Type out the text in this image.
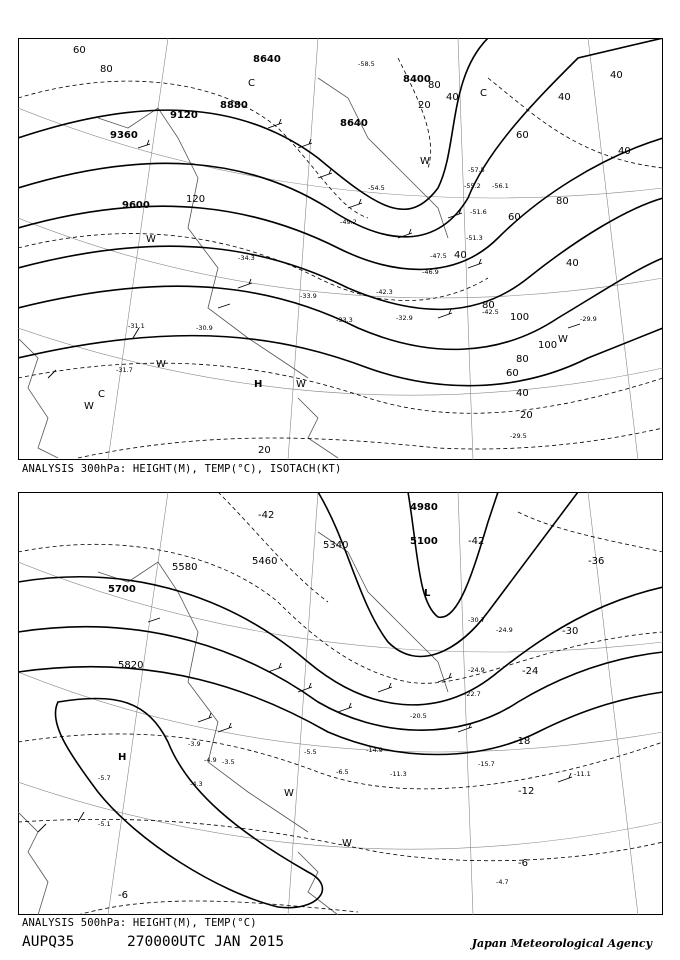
8640
9120
9360
9600
8880
8400
8640
60
80
120
20
80
40
20
40
40
60
40
80
60
40
80
100
100
80
60
40
20
40
-31.1	-30.9
-31.7
-33.9
-33.3	-32.9
-34.3
-42.3
-46.9
-47.5
-51.3
-55.2 -56.1
-57.5
-54.5
-51.6
-49.2
-58.5
-42.5
-29.5
-29.9
H	W
W
W
W
C
C
C
W
W
ANALYSIS 300hPa: HEIGHT(M), TEMP(°C), ISOTACH(KT)
4980
5100
5700
5340
5460
5580
5820
-42
-42
-36
-30
-24
-18
-12
-6
-6
-5.7
-5.1
-3.9
-4.3
-4.9 -3.5
-5.5
-6.5	-11.3
-14.9
-15.7
-11.1
-20.5
-22.7
-24.9
-30.7
-24.9
-4.7
H
L
W
W
ANALYSIS 500hPa: HEIGHT(M), TEMP(°C)
AUPQ35	270000UTC JAN 2015	Japan Meteorological Agency
